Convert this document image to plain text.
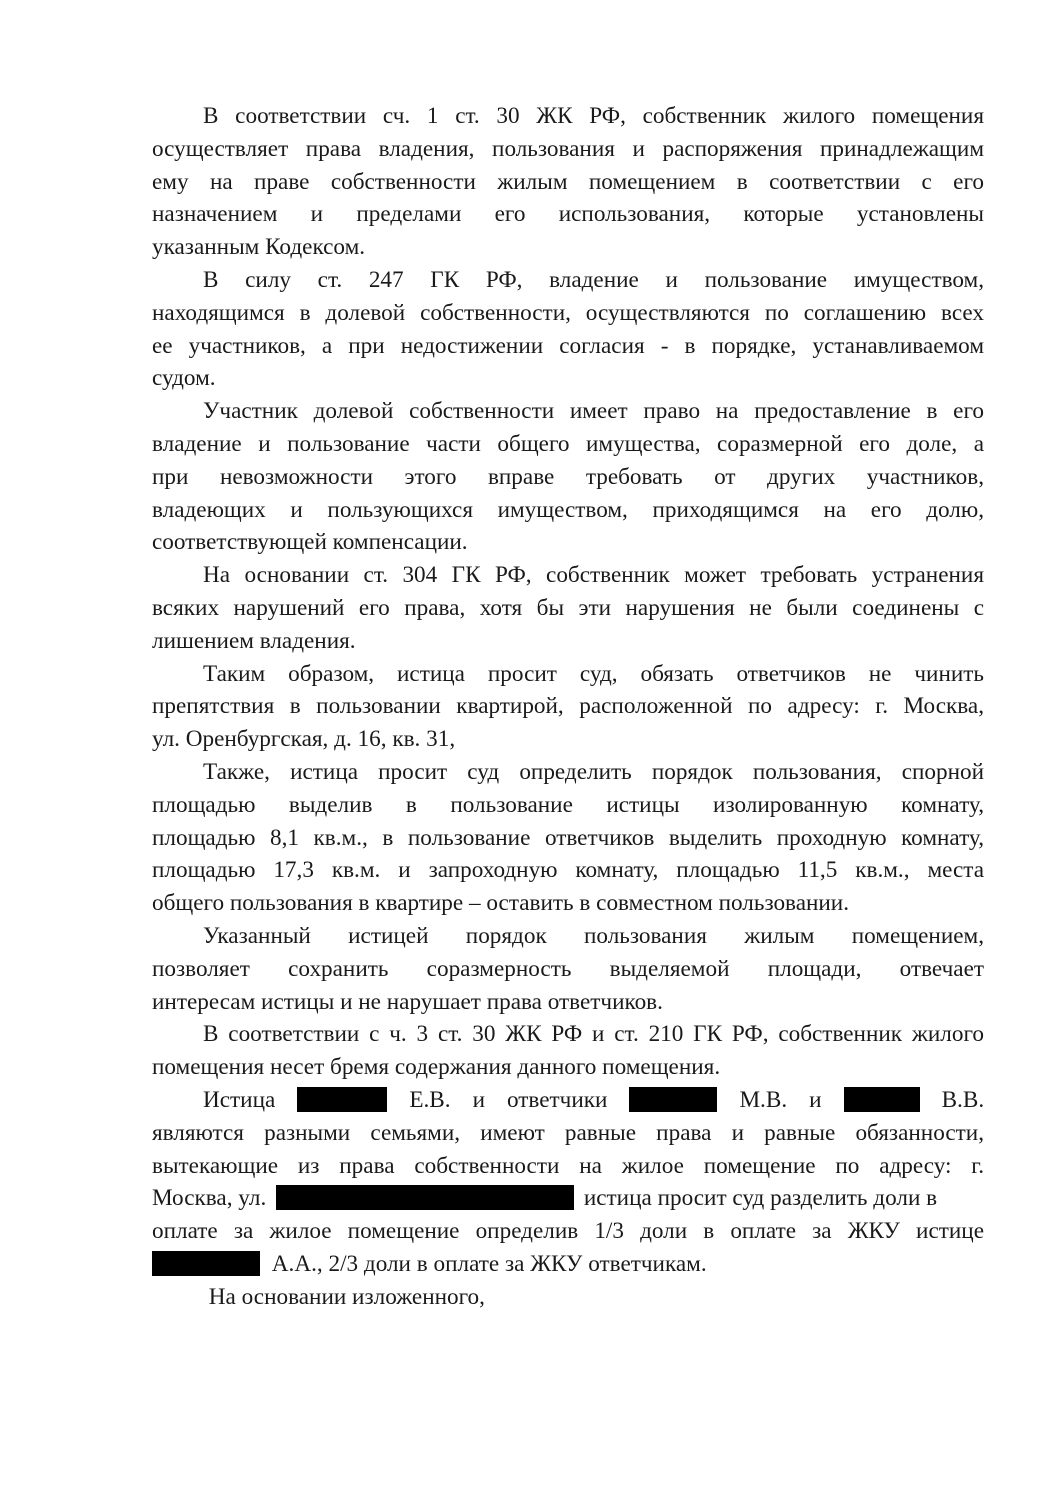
В соответствии сч. 1 ст. 30 ЖК РФ, собственник жилого помещения
осуществляет права владения, пользования и распоряжения принадлежащим
ему на праве собственности жилым помещением в соответствии с его
назначением и пределами его использования, которые установлены
указанным Кодексом.

В силу ст. 247 ГК РФ, владение и пользование имуществом,
находящимся в долевой собственности, осуществляются по соглашению всех
ее участников, а при недостижении согласия - в порядке, устанавливаемом
судом.

Участник долевой собственности имеет право на предоставление в его
владение и пользование части общего имущества, соразмерной его доле, а
при невозможности этого вправе требовать от других участников,
владеющих и пользующихся имуществом, приходящимся на его долю,
соответствующей компенсации.

На основании ст. 304 ГК РФ, собственник может требовать устранения
всяких нарушений его права, хотя бы эти нарушения не были соединены с
лишением владения.

Таким образом, истица просит суд, обязать ответчиков не чинить
препятствия в пользовании квартирой, расположенной по адресу: г. Москва,
ул. Оренбургская, д. 16, кв. 31,

Также, истица просит суд определить порядок пользования, спорной
площадью выделив в пользование истицы изолированную комнату,
площадью 8,1 кв.м., в пользование ответчиков выделить проходную комнату,
площадью 17,3 кв.м. и запроходную комнату, площадью 11,5 кв.м., места
общего пользования в квартире – оставить в совместном пользовании.

Указанный истицей порядок пользования жилым помещением,
позволяет сохранить соразмерность выделяемой площади, отвечает
интересам истицы и не нарушает права ответчиков.

В соответствии с ч. 3 ст. 30 ЖК РФ и ст. 210 ГК РФ, собственник жилого
помещения несет бремя содержания данного помещения.

Истица	Е.В. и ответчики	М.В. и	В.В.
являются разными семьями, имеют равные права и равные обязанности,
вытекающие из права собственности на жилое помещение по адресу: г.
Москва, ул.	истица просит суд разделить доли в
оплате за жилое помещение определив 1/3 доли в оплате за ЖКУ истице
А.А., 2/3 доли в оплате за ЖКУ ответчикам.

На основании изложенного,
